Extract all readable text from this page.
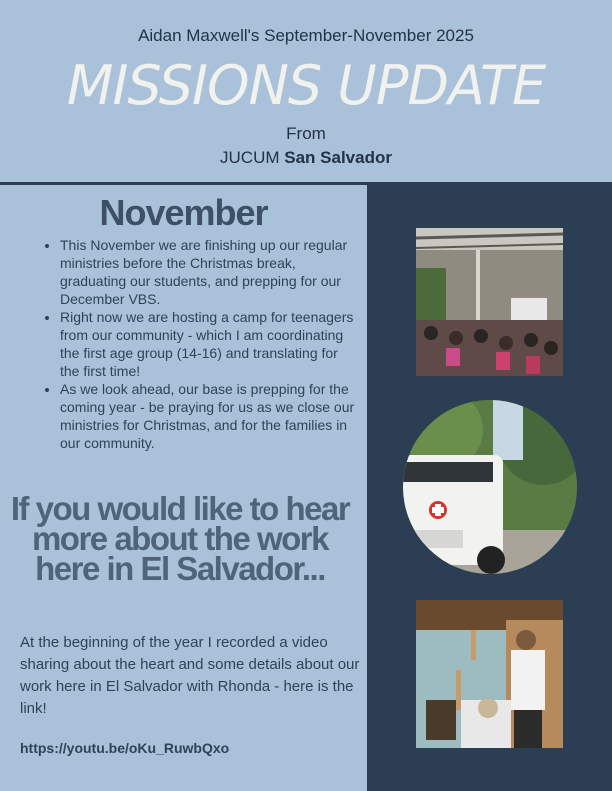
Aidan Maxwell's September-November 2025
MISSIONS UPDATE
From
JUCUM San Salvador
November
• This November we are finishing up our regular ministries before the Christmas break, graduating our students, and prepping for our December VBS.
• Right now we are hosting a camp for teenagers from our community - which I am coordinating the first age group (14-16) and translating for the first time!
• As we look ahead, our base is prepping for the coming year - be praying for us as we close our ministries for Christmas, and for the families in our community.
If you would like to hear more about the work here in El Salvador...
At the beginning of the year I recorded a video sharing about the heart and some details about our work here in El Salvador with Rhonda - here is the link!
https://youtu.be/oKu_RuwbQxo
